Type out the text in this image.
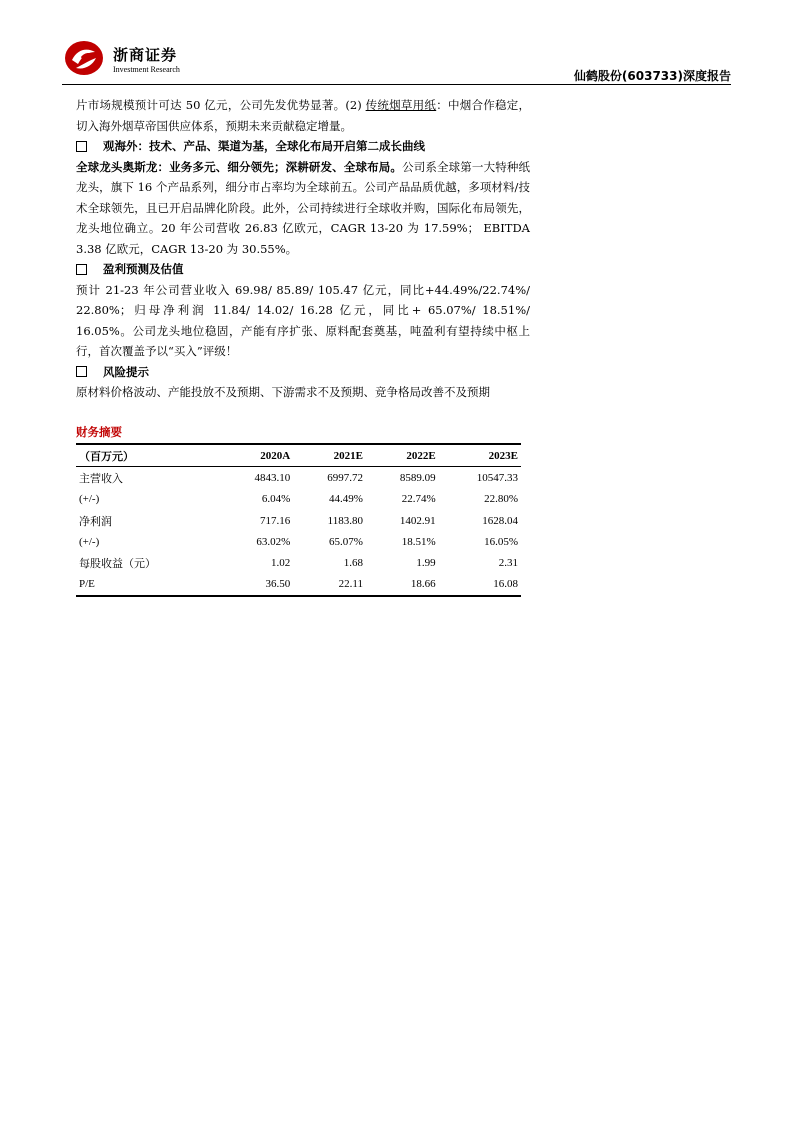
浙商证券
Investment Research	仙鹤股份(603733)深度报告

片市场规模预计可达 50 亿元，公司先发优势显著。(2) 传统烟草用纸：中烟合作稳定，切入海外烟草帝国供应体系，预期未来贡献稳定增量。

观海外：技术、产品、渠道为基，全球化布局开启第二成长曲线

全球龙头奥斯龙：业务多元、细分领先；深耕研发、全球布局。公司系全球第一大特种纸龙头，旗下 16 个产品系列，细分市占率均为全球前五。公司产品品质优越，多项材料/技术全球领先，且已开启品牌化阶段。此外，公司持续进行全球收并购，国际化布局领先，龙头地位确立。20 年公司营收 26.83 亿欧元，CAGR 13-20 为 17.59%； EBITDA 3.38 亿欧元，CAGR 13-20 为 30.55%。

盈利预测及估值

预计 21-23 年公司营业收入 69.98/ 85.89/ 105.47 亿元，同比+44.49%/22.74%/ 22.80%；归母净利润 11.84/ 14.02/ 16.28 亿元，同比+ 65.07%/ 18.51%/ 16.05%。公司龙头地位稳固，产能有序扩张、原料配套奠基，吨盈利有望持续中枢上行，首次覆盖予以“买入”评级！

风险提示

原材料价格波动、产能投放不及预期、下游需求不及预期、竞争格局改善不及预期

财务摘要
（百万元）	2020A	2021E	2022E	2023E
主营收入	4843.10	6997.72	8589.09	10547.33
(+/-)	6.04%	44.49%	22.74%	22.80%
净利润	717.16	1183.80	1402.91	1628.04
(+/-)	63.02%	65.07%	18.51%	16.05%
每股收益（元）	1.02	1.68	1.99	2.31
P/E	36.50	22.11	18.66	16.08
